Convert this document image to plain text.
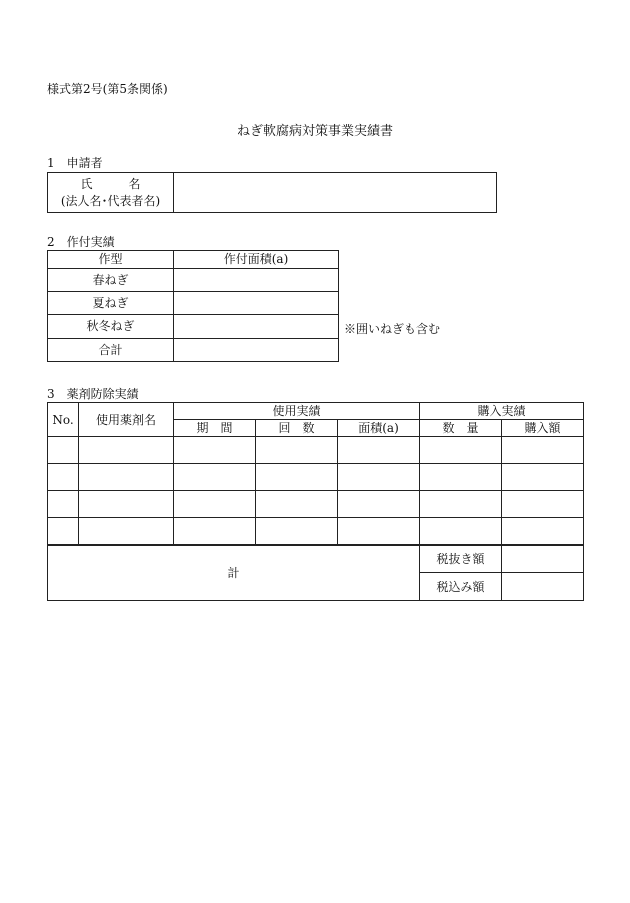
様式第2号(第5条関係)
ねぎ軟腐病対策事業実績書
1　申請者
氏　　　名
(法人名･代表者名)

2　作付実績
作型	作付面積(a)
春ねぎ	
夏ねぎ	
秋冬ねぎ	
合計	
※囲いねぎも含む
3　薬剤防除実績
No.	使用薬剤名	使用実績			購入実績	
		期　間	回　数	面積(a)	数　量	購入額

計					税抜き額	
					税込み額	
